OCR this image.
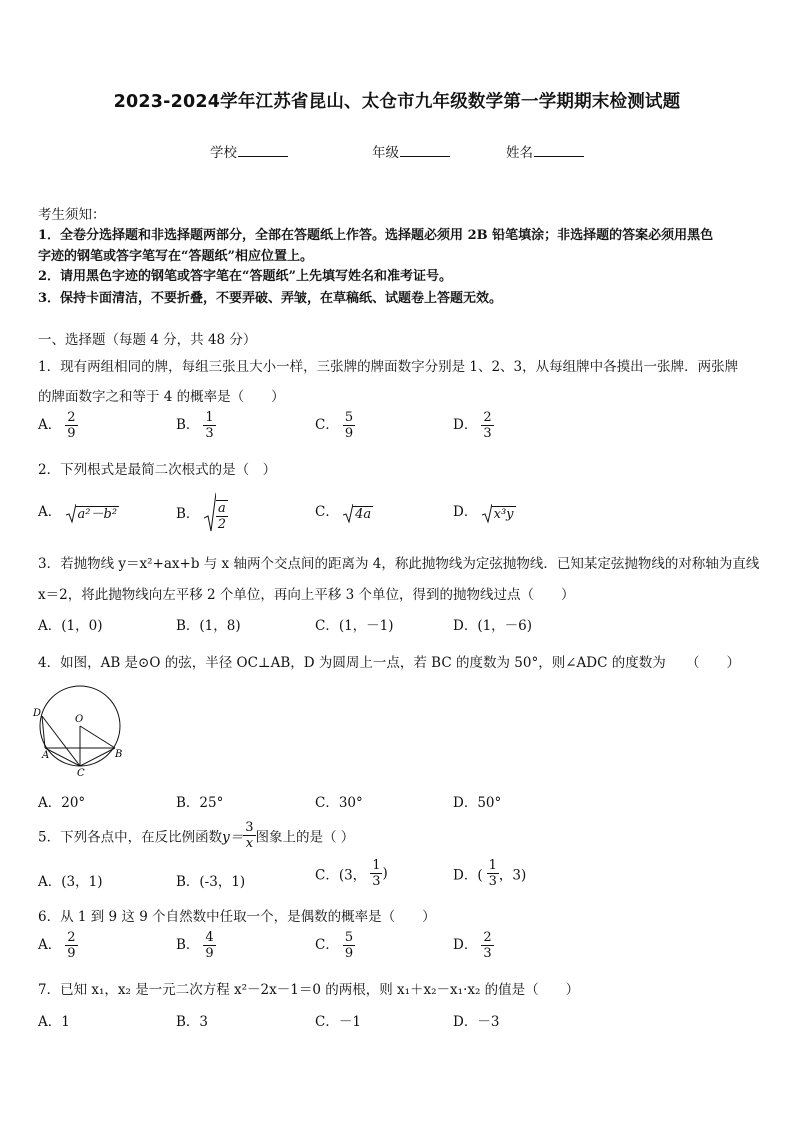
2023-2024学年江苏省昆山、太仓市九年级数学第一学期期末检测试题
学校	年级	姓名
考生须知：
1．全卷分选择题和非选择题两部分，全部在答题纸上作答。选择题必须用 2B 铅笔填涂；非选择题的答案必须用黑色
字迹的钢笔或答字笔写在“答题纸”相应位置上。
2．请用黑色字迹的钢笔或答字笔在“答题纸”上先填写姓名和准考证号。
3．保持卡面清洁，不要折叠，不要弄破、弄皱，在草稿纸、试题卷上答题无效。
一、选择题（每题 4 分，共 48 分）
1．现有两组相同的牌，每组三张且大小一样，三张牌的牌面数字分别是 1、2、3，从每组牌中各摸出一张牌．两张牌
的牌面数字之和等于 4 的概率是（　　）
A． $\frac{2}{9}$	B． $\frac{1}{3}$	C． $\frac{5}{9}$	D． $\frac{2}{3}$
2．下列根式是最简二次根式的是（　）
A． a²－b²	B． $\frac{a}{2}$	C． 4a	D． x³y
3．若抛物线 y＝x²+ax+b 与 x 轴两个交点间的距离为 4，称此抛物线为定弦抛物线．已知某定弦抛物线的对称轴为直线
x＝2，将此抛物线向左平移 2 个单位，再向上平移 3 个单位，得到的抛物线过点（　　）
A．(1，0)	B．(1，8)	C．(1，－1)	D．(1，－6)
4．如图，AB 是⊙O 的弦，半径 OC⊥AB，D 为圆周上一点，若 BC 的度数为 50°，则∠ADC 的度数为　　（　　）
D
O
A	B
C
A．20°	B．25°	C．30°	D．50°
5．下列各点中，在反比例函数$y= \frac{3}{x}$ 图象上的是（ ）
A．(3，1)	B．(-3，1)	C．(3， $\frac{1}{3}$ )	D．( $\frac{1}{3}$ ，3)
6．从 1 到 9 这 9 个自然数中任取一个，是偶数的概率是（　　）
A． $\frac{2}{9}$	B． $\frac{4}{9}$	C． $\frac{5}{9}$	D． $\frac{2}{3}$
7．已知 x₁，x₂ 是一元二次方程 x²－2x－1＝0 的两根，则 x₁＋x₂－x₁·x₂ 的值是（　　）
A．1	B．3	C．－1	D．－3
